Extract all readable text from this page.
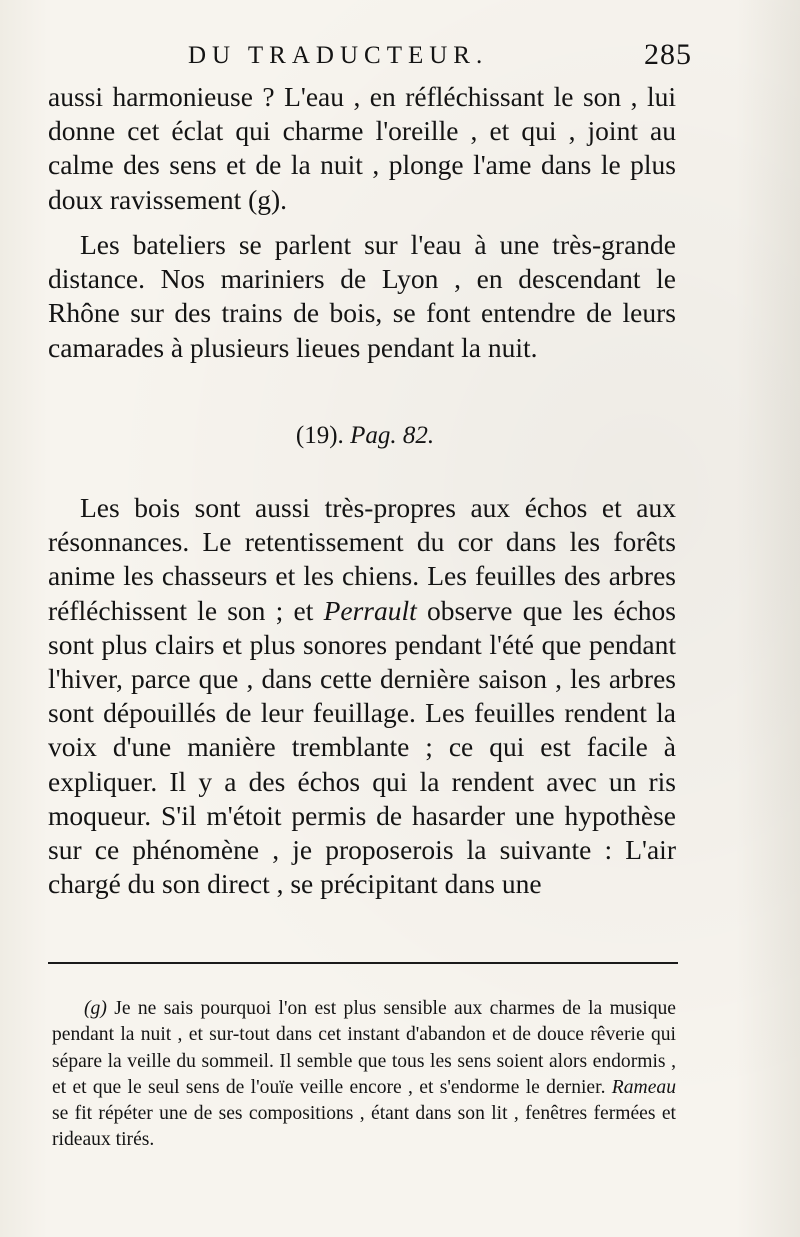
DU TRADUCTEUR.	285

aussi harmonieuse ? L'eau , en réfléchissant le son , lui donne cet éclat qui charme l'oreille , et qui , joint au calme des sens et de la nuit , plonge l'ame dans le plus doux ravissement (g).

Les bateliers se parlent sur l'eau à une très-grande distance. Nos mariniers de Lyon , en descendant le Rhône sur des trains de bois, se font entendre de leurs camarades à plusieurs lieues pendant la nuit.

(19). Pag. 82.

Les bois sont aussi très-propres aux échos et aux résonnances. Le retentissement du cor dans les forêts anime les chasseurs et les chiens. Les feuilles des arbres réfléchissent le son ; et Perrault observe que les échos sont plus clairs et plus sonores pendant l'été que pendant l'hiver, parce que , dans cette dernière saison , les arbres sont dépouillés de leur feuillage. Les feuilles rendent la voix d'une manière tremblante ; ce qui est facile à expliquer. Il y a des échos qui la rendent avec un ris moqueur. S'il m'étoit permis de hasarder une hypothèse sur ce phénomène , je proposerois la suivante : L'air chargé du son direct , se précipitant dans une

(g) Je ne sais pourquoi l'on est plus sensible aux charmes de la musique pendant la nuit , et sur-tout dans cet instant d'abandon et de douce rêverie qui sépare la veille du sommeil. Il semble que tous les sens soient alors endormis , et et que le seul sens de l'ouïe veille encore , et s'endorme le dernier. Rameau se fit répéter une de ses compositions , étant dans son lit , fenêtres fermées et rideaux tirés.
